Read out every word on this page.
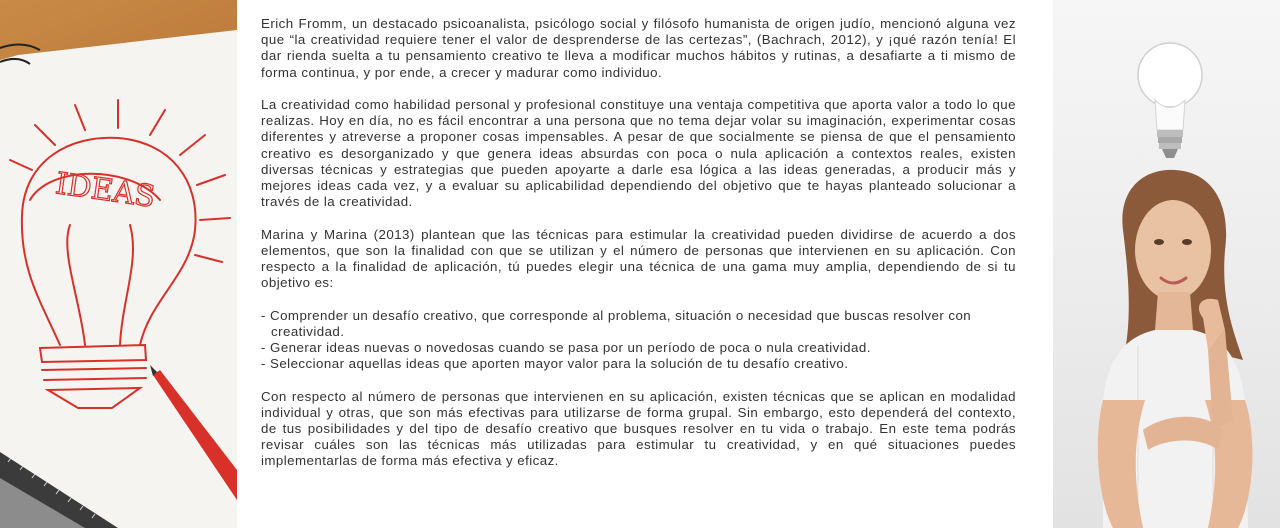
IDEAS

Erich Fromm, un destacado psicoanalista, psicólogo social y filósofo humanista de origen judío, mencionó alguna vez que “la creatividad requiere tener el valor de desprenderse de las certezas”, (Bachrach, 2012), y ¡qué razón tenía! El dar rienda suelta a tu pensamiento creativo te lleva a modificar muchos hábitos y rutinas, a desafiarte a ti mismo de forma continua, y por ende, a crecer y madurar como individuo.

La creatividad como habilidad personal y profesional constituye una ventaja competitiva que aporta valor a todo lo que realizas. Hoy en día, no es fácil encontrar a una persona que no tema dejar volar su imaginación, experimentar cosas diferentes y atreverse a proponer cosas impensables. A pesar de que socialmente se piensa de que el pensamiento creativo es desorganizado y que genera ideas absurdas con poca o nula aplicación a contextos reales, existen diversas técnicas y estrategias que pueden apoyarte a darle esa lógica a las ideas generadas, a producir más y mejores ideas cada vez, y a evaluar su aplicabilidad dependiendo del objetivo que te hayas planteado solucionar a través de la creatividad.

Marina y Marina (2013) plantean que las técnicas para estimular la creatividad pueden dividirse de acuerdo a dos elementos, que son la finalidad con que se utilizan y el número de personas que intervienen en su aplicación. Con respecto a la finalidad de aplicación, tú puedes elegir una técnica de una gama muy amplia, dependiendo de si tu objetivo es:

- Comprender un desafío creativo, que corresponde al problema, situación o necesidad que buscas resolver con creatividad.
- Generar ideas nuevas o novedosas cuando se pasa por un período de poca o nula creatividad.
- Seleccionar aquellas ideas que aporten mayor valor para la solución de tu desafío creativo.

Con respecto al número de personas que intervienen en su aplicación, existen técnicas que se aplican en modalidad individual y otras, que son más efectivas para utilizarse de forma grupal. Sin embargo, esto dependerá del contexto, de tus posibilidades y del tipo de desafío creativo que busques resolver en tu vida o trabajo. En este tema podrás revisar cuáles son las técnicas más utilizadas para estimular tu creatividad, y en qué situaciones puedes implementarlas de forma más efectiva y eficaz.
